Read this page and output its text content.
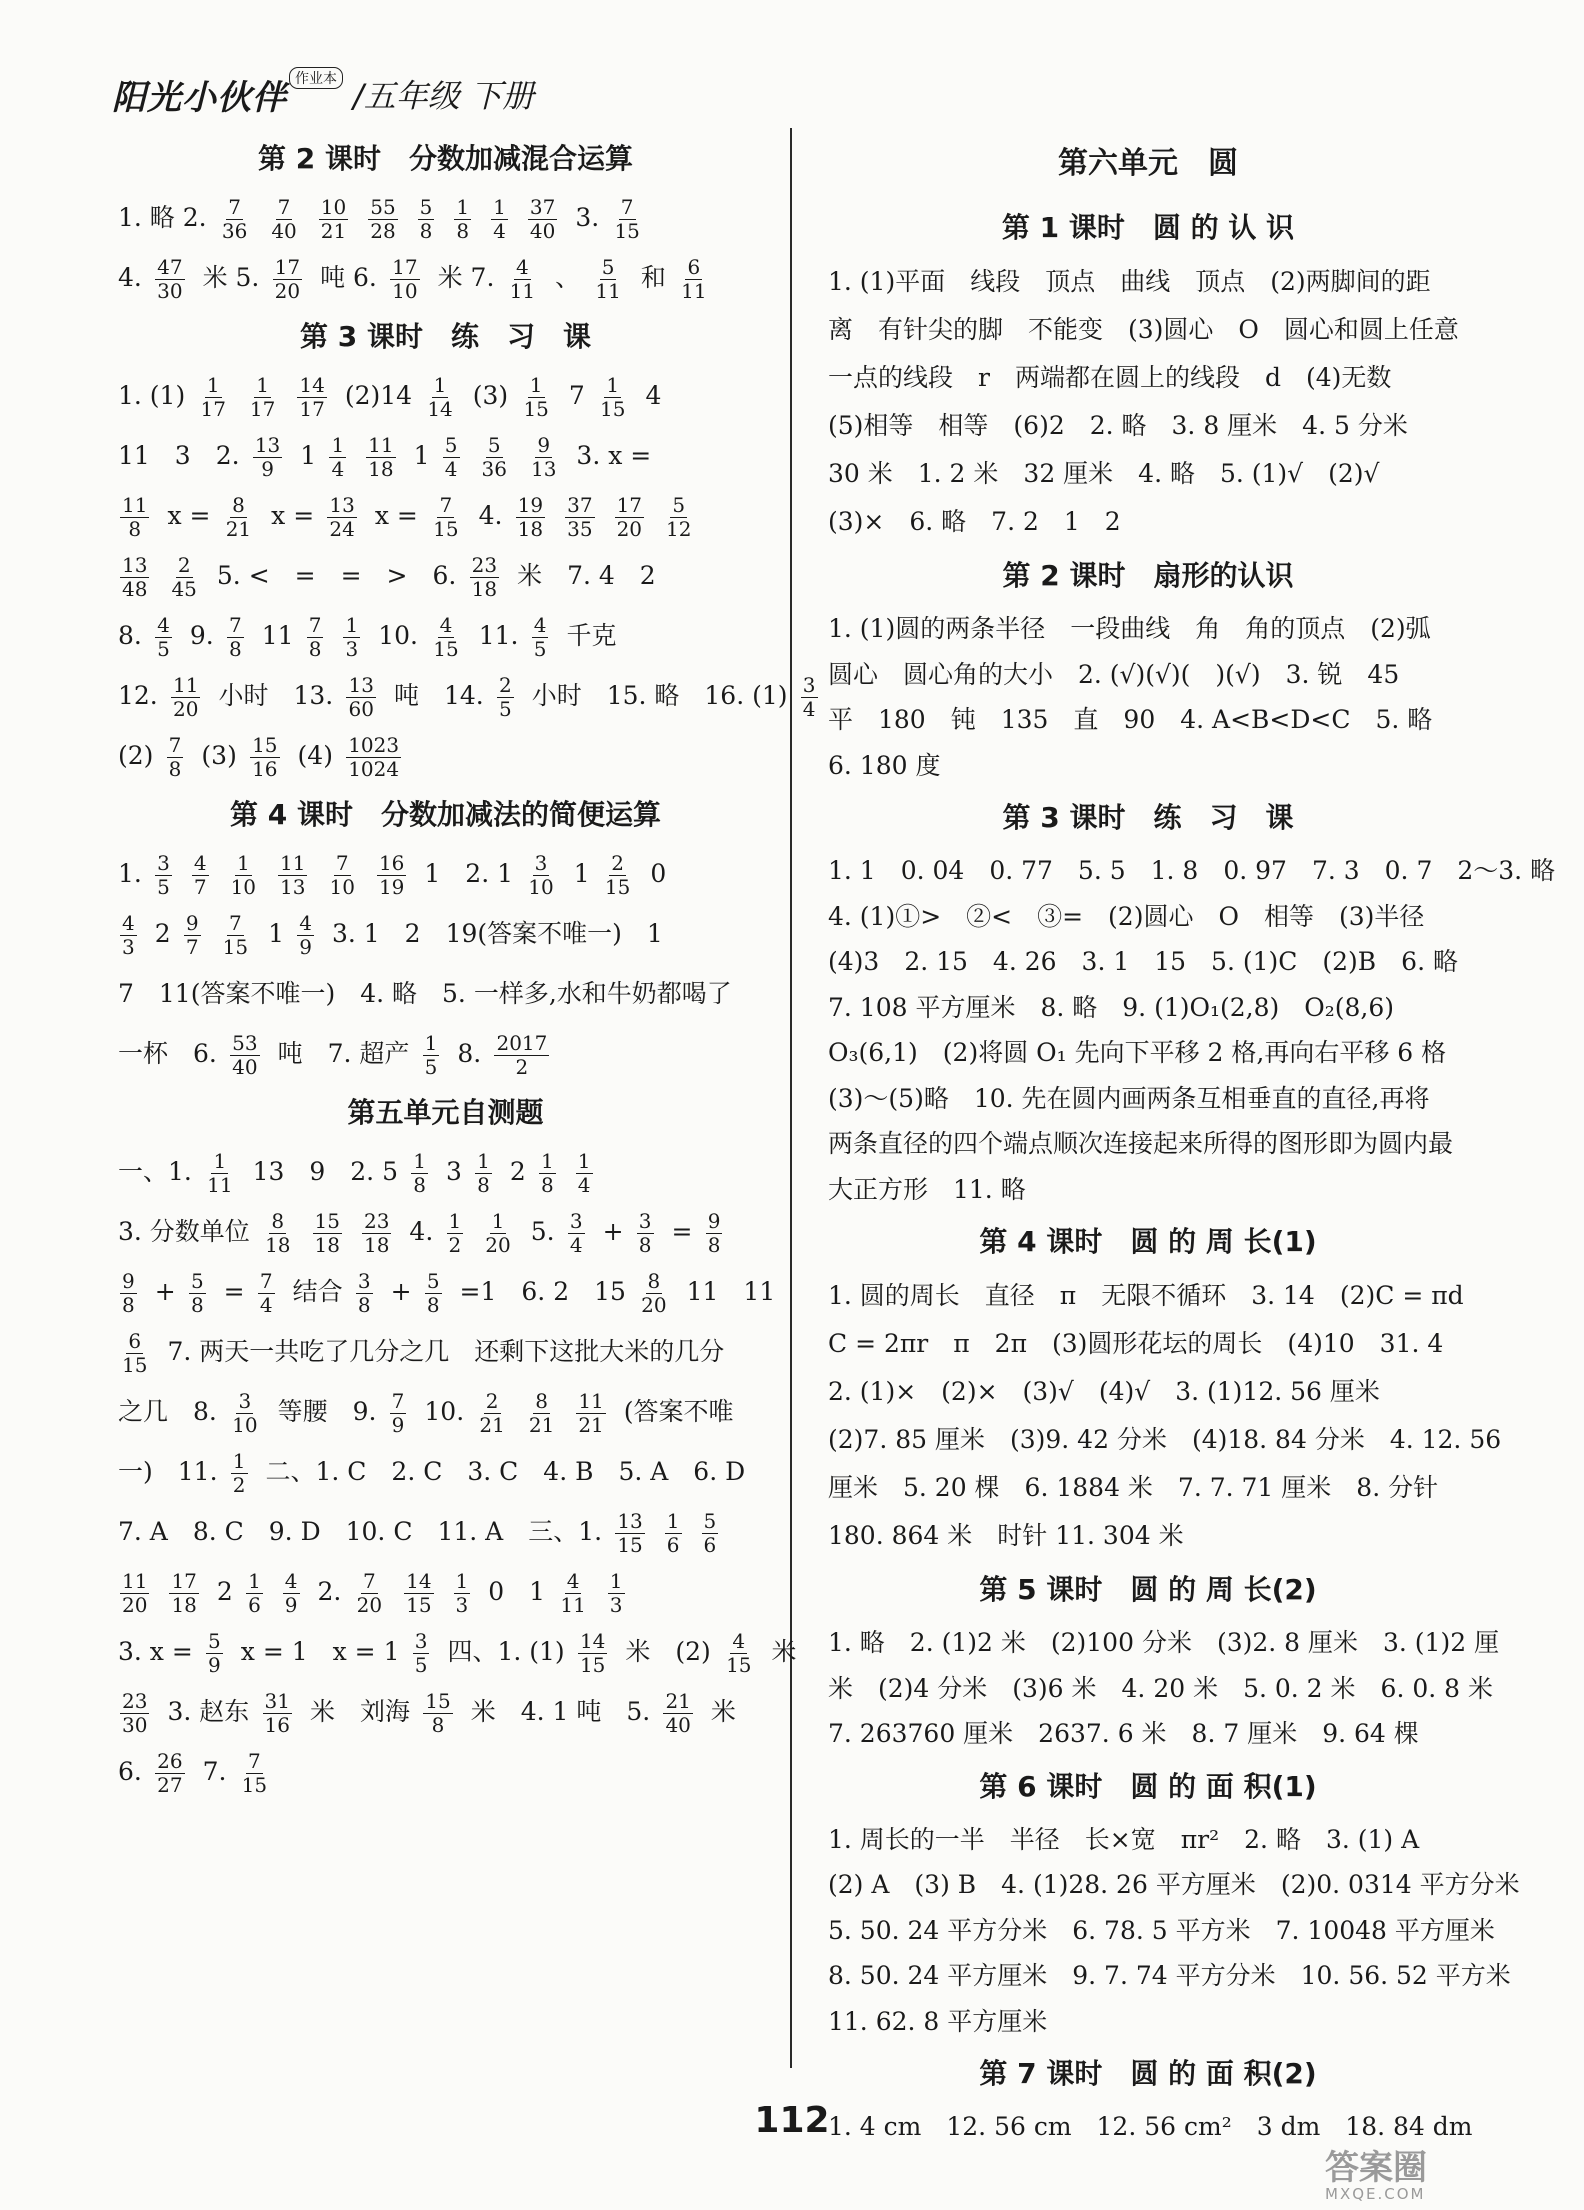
阳光小伙伴 作业本 /五年级 下册
第 2 课时　分数加减混合运算
1. 略 2. $\frac{7}{36} \frac{7}{40} \frac{10}{21} \frac{55}{28} \frac{5}{8} \frac{1}{8} \frac{1}{4} \frac{37}{40} 3$. $\frac{7}{15}$
4. $\frac{47}{30}$ 米 5. $\frac{17}{20}$ 吨 6. $\frac{17}{10}$ 米 7. $\frac{4}{11}$ 、 $\frac{5}{11}$ 和 $\frac{6}{11}$
第 3 课时　练　习　课
1. $(1) \frac{1}{17} \frac{1}{17} \frac{14}{17} (2)14 \frac{1}{14} (3) \frac{1}{15} 7 \frac{1}{15} 4$
11　3　2. $\frac{13}{9} 1 \frac{1}{4} \frac{11}{18} 1 \frac{5}{4} \frac{5}{36} \frac{9}{13} 3$. x =
$\frac{11}{8}$ $x = \frac{8}{21}$ $x = \frac{13}{24}$ $x = \frac{7}{15} 4$. $\frac{19}{18} \frac{37}{35} \frac{17}{20} \frac{5}{12}$
$\frac{13}{48} \frac{2}{45} 5$. <　=　=　>　6. $\frac{23}{18}$ 米　7. 4　2
8. $\frac{4}{5} 9$. $\frac{7}{8} 11 \frac{7}{8} \frac{1}{3} 10$. $\frac{4}{15} 11$. $\frac{4}{5}$ 千克
12. $\frac{11}{20}$ 小时　13. $\frac{13}{60}$ 吨　14. $\frac{2}{5}$ 小时　15. 略　16. $(1) \frac{3}{4}$
$(2) \frac{7}{8} (3) \frac{15}{16} (4) \frac{1023}{1024}$
第 4 课时　分数加减法的简便运算
1. $\frac{3}{5} \frac{4}{7} \frac{1}{10} \frac{11}{13} \frac{7}{10} \frac{16}{19} 1$　2. $1 \frac{3}{10} 1 \frac{2}{15} 0$
$\frac{4}{3} 2 \frac{9}{7} \frac{7}{15} 1 \frac{4}{9} 3$. 1　2　19(答案不唯一)　1
7　11(答案不唯一)　4. 略　5. 一样多,水和牛奶都喝了
一杯　6. $\frac{53}{40}$ 吨　7. 超产 $\frac{1}{5} 8$. $\frac{2017}{2}$
第五单元自测题
一、1. $\frac{1}{11} 13$　9　2. $5 \frac{1}{8} 3 \frac{1}{8} 2 \frac{1}{8} \frac{1}{4}$
3. 分数单位 $\frac{8}{18} \frac{15}{18} \frac{23}{18} 4$. $\frac{1}{2} \frac{1}{20} 5$. $\frac{3}{4} + \frac{3}{8} = \frac{9}{8}$
$\frac{9}{8} + \frac{5}{8} = \frac{7}{4}$ 结合 $\frac{3}{8} + \frac{5}{8} =1$　6. 2　$15 \frac{8}{20} 11$　11
$\frac{6}{15} 7$. 两天一共吃了几分之几　还剩下这批大米的几分
之几　8. $\frac{3}{10}$ 等腰　9. $\frac{7}{9} 10$. $\frac{2}{21} \frac{8}{21} \frac{11}{21}$ (答案不唯
一)　11. $\frac{1}{2}$ 二、1. C　2. C　3. C　4. B　5. A　6. D
7. A　8. C　9. D　10. C　11. A　三、1. $\frac{13}{15} \frac{1}{6} \frac{5}{6}$
$\frac{11}{20} \frac{17}{18} 2 \frac{1}{6} \frac{4}{9} 2$. $\frac{7}{20} \frac{14}{15} \frac{1}{3} 0$　$1 \frac{4}{11} \frac{1}{3}$
3. $x = \frac{5}{9}$ x = 1　$x = 1 \frac{3}{5}$ 四、1. $(1) \frac{14}{15}$ 米　$(2) \frac{4}{15}$ 米
$\frac{23}{30} 3$. 赵东 $\frac{31}{16}$ 米　刘海 $\frac{15}{8}$ 米　4. 1 吨　5. $\frac{21}{40}$ 米
6. $\frac{26}{27} 7$. $\frac{7}{15}$
第六单元　圆
第 1 课时　圆 的 认 识
1. (1)平面　线段　顶点　曲线　顶点　(2)两脚间的距
离　有针尖的脚　不能变　(3)圆心　O　圆心和圆上任意
一点的线段　r　两端都在圆上的线段　d　(4)无数
(5)相等　相等　(6)2　2. 略　3. 8 厘米　4. 5 分米
30 米　1. 2 米　32 厘米　4. 略　5. (1)√　(2)√
(3)×　6. 略　7. 2　1　2
第 2 课时　扇形的认识
1. (1)圆的两条半径　一段曲线　角　角的顶点　(2)弧
圆心　圆心角的大小　2. (√)(√)(　)(√)　3. 锐　45
平　180　钝　135　直　90　4. A<B<D<C　5. 略
6. 180 度
第 3 课时　练　习　课
1. 1　0. 04　0. 77　5. 5　1. 8　0. 97　7. 3　0. 7　2～3. 略
4. (1)①>　②<　③=　(2)圆心　O　相等　(3)半径
(4)3　2. 15　4. 26　3. 1　15　5. (1)C　(2)B　6. 略
7. 108 平方厘米　8. 略　9. (1)O₁(2,8)　O₂(8,6)
O₃(6,1)　(2)将圆 O₁ 先向下平移 2 格,再向右平移 6 格
(3)～(5)略　10. 先在圆内画两条互相垂直的直径,再将
两条直径的四个端点顺次连接起来所得的图形即为圆内最
大正方形　11. 略
第 4 课时　圆 的 周 长(1)
1. 圆的周长　直径　π　无限不循环　3. 14　(2)C = πd
C = 2πr　π　2π　(3)圆形花坛的周长　(4)10　31. 4
2. (1)×　(2)×　(3)√　(4)√　3. (1)12. 56 厘米
(2)7. 85 厘米　(3)9. 42 分米　(4)18. 84 分米　4. 12. 56
厘米　5. 20 棵　6. 1884 米　7. 7. 71 厘米　8. 分针
180. 864 米　时针 11. 304 米
第 5 课时　圆 的 周 长(2)
1. 略　2. (1)2 米　(2)100 分米　(3)2. 8 厘米　3. (1)2 厘
米　(2)4 分米　(3)6 米　4. 20 米　5. 0. 2 米　6. 0. 8 米
7. 263760 厘米　2637. 6 米　8. 7 厘米　9. 64 棵
第 6 课时　圆 的 面 积(1)
1. 周长的一半　半径　长×宽　πr²　2. 略　3. (1) A
(2) A　(3) B　4. (1)28. 26 平方厘米　(2)0. 0314 平方分米
5. 50. 24 平方分米　6. 78. 5 平方米　7. 10048 平方厘米
8. 50. 24 平方厘米　9. 7. 74 平方分米　10. 56. 52 平方米
11. 62. 8 平方厘米
第 7 课时　圆 的 面 积(2)
1. 4 cm　12. 56 cm　12. 56 cm²　3 dm　18. 84 dm
112
答案圈
MXQE.COM
